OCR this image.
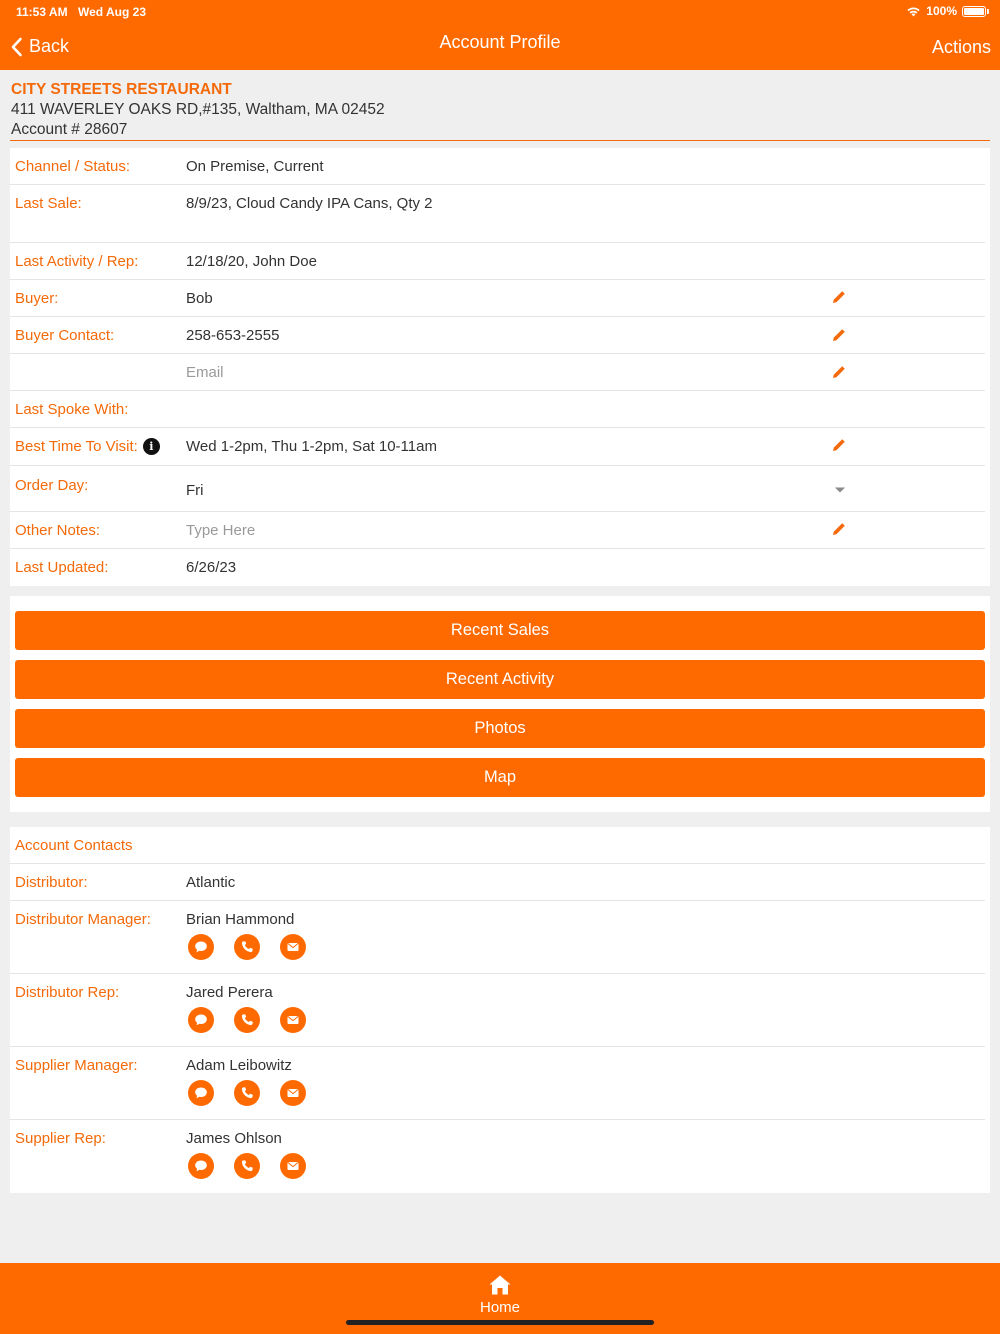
11:53 AM Wed Aug 23	100%
Back	Account Profile	Actions
CITY STREETS RESTAURANT
411 WAVERLEY OAKS RD,#135, Waltham, MA 02452
Account # 28607
Channel / Status:	On Premise, Current
Last Sale:	8/9/23, Cloud Candy IPA Cans, Qty 2
Last Activity / Rep:	12/18/20, John Doe
Buyer:	Bob
Buyer Contact:	258-653-2555
Email
Last Spoke With:
Best Time To Visit:	i	Wed 1-2pm, Thu 1-2pm, Sat 10-11am
Order Day:	Fri
Other Notes:	Type Here
Last Updated:	6/26/23
Recent Sales
Recent Activity
Photos
Map
Account Contacts
Distributor:	Atlantic
Distributor Manager: Brian Hammond
Distributor Rep:	Jared Perera
Supplier Manager:	Adam Leibowitz
Supplier Rep:	James Ohlson
Home
